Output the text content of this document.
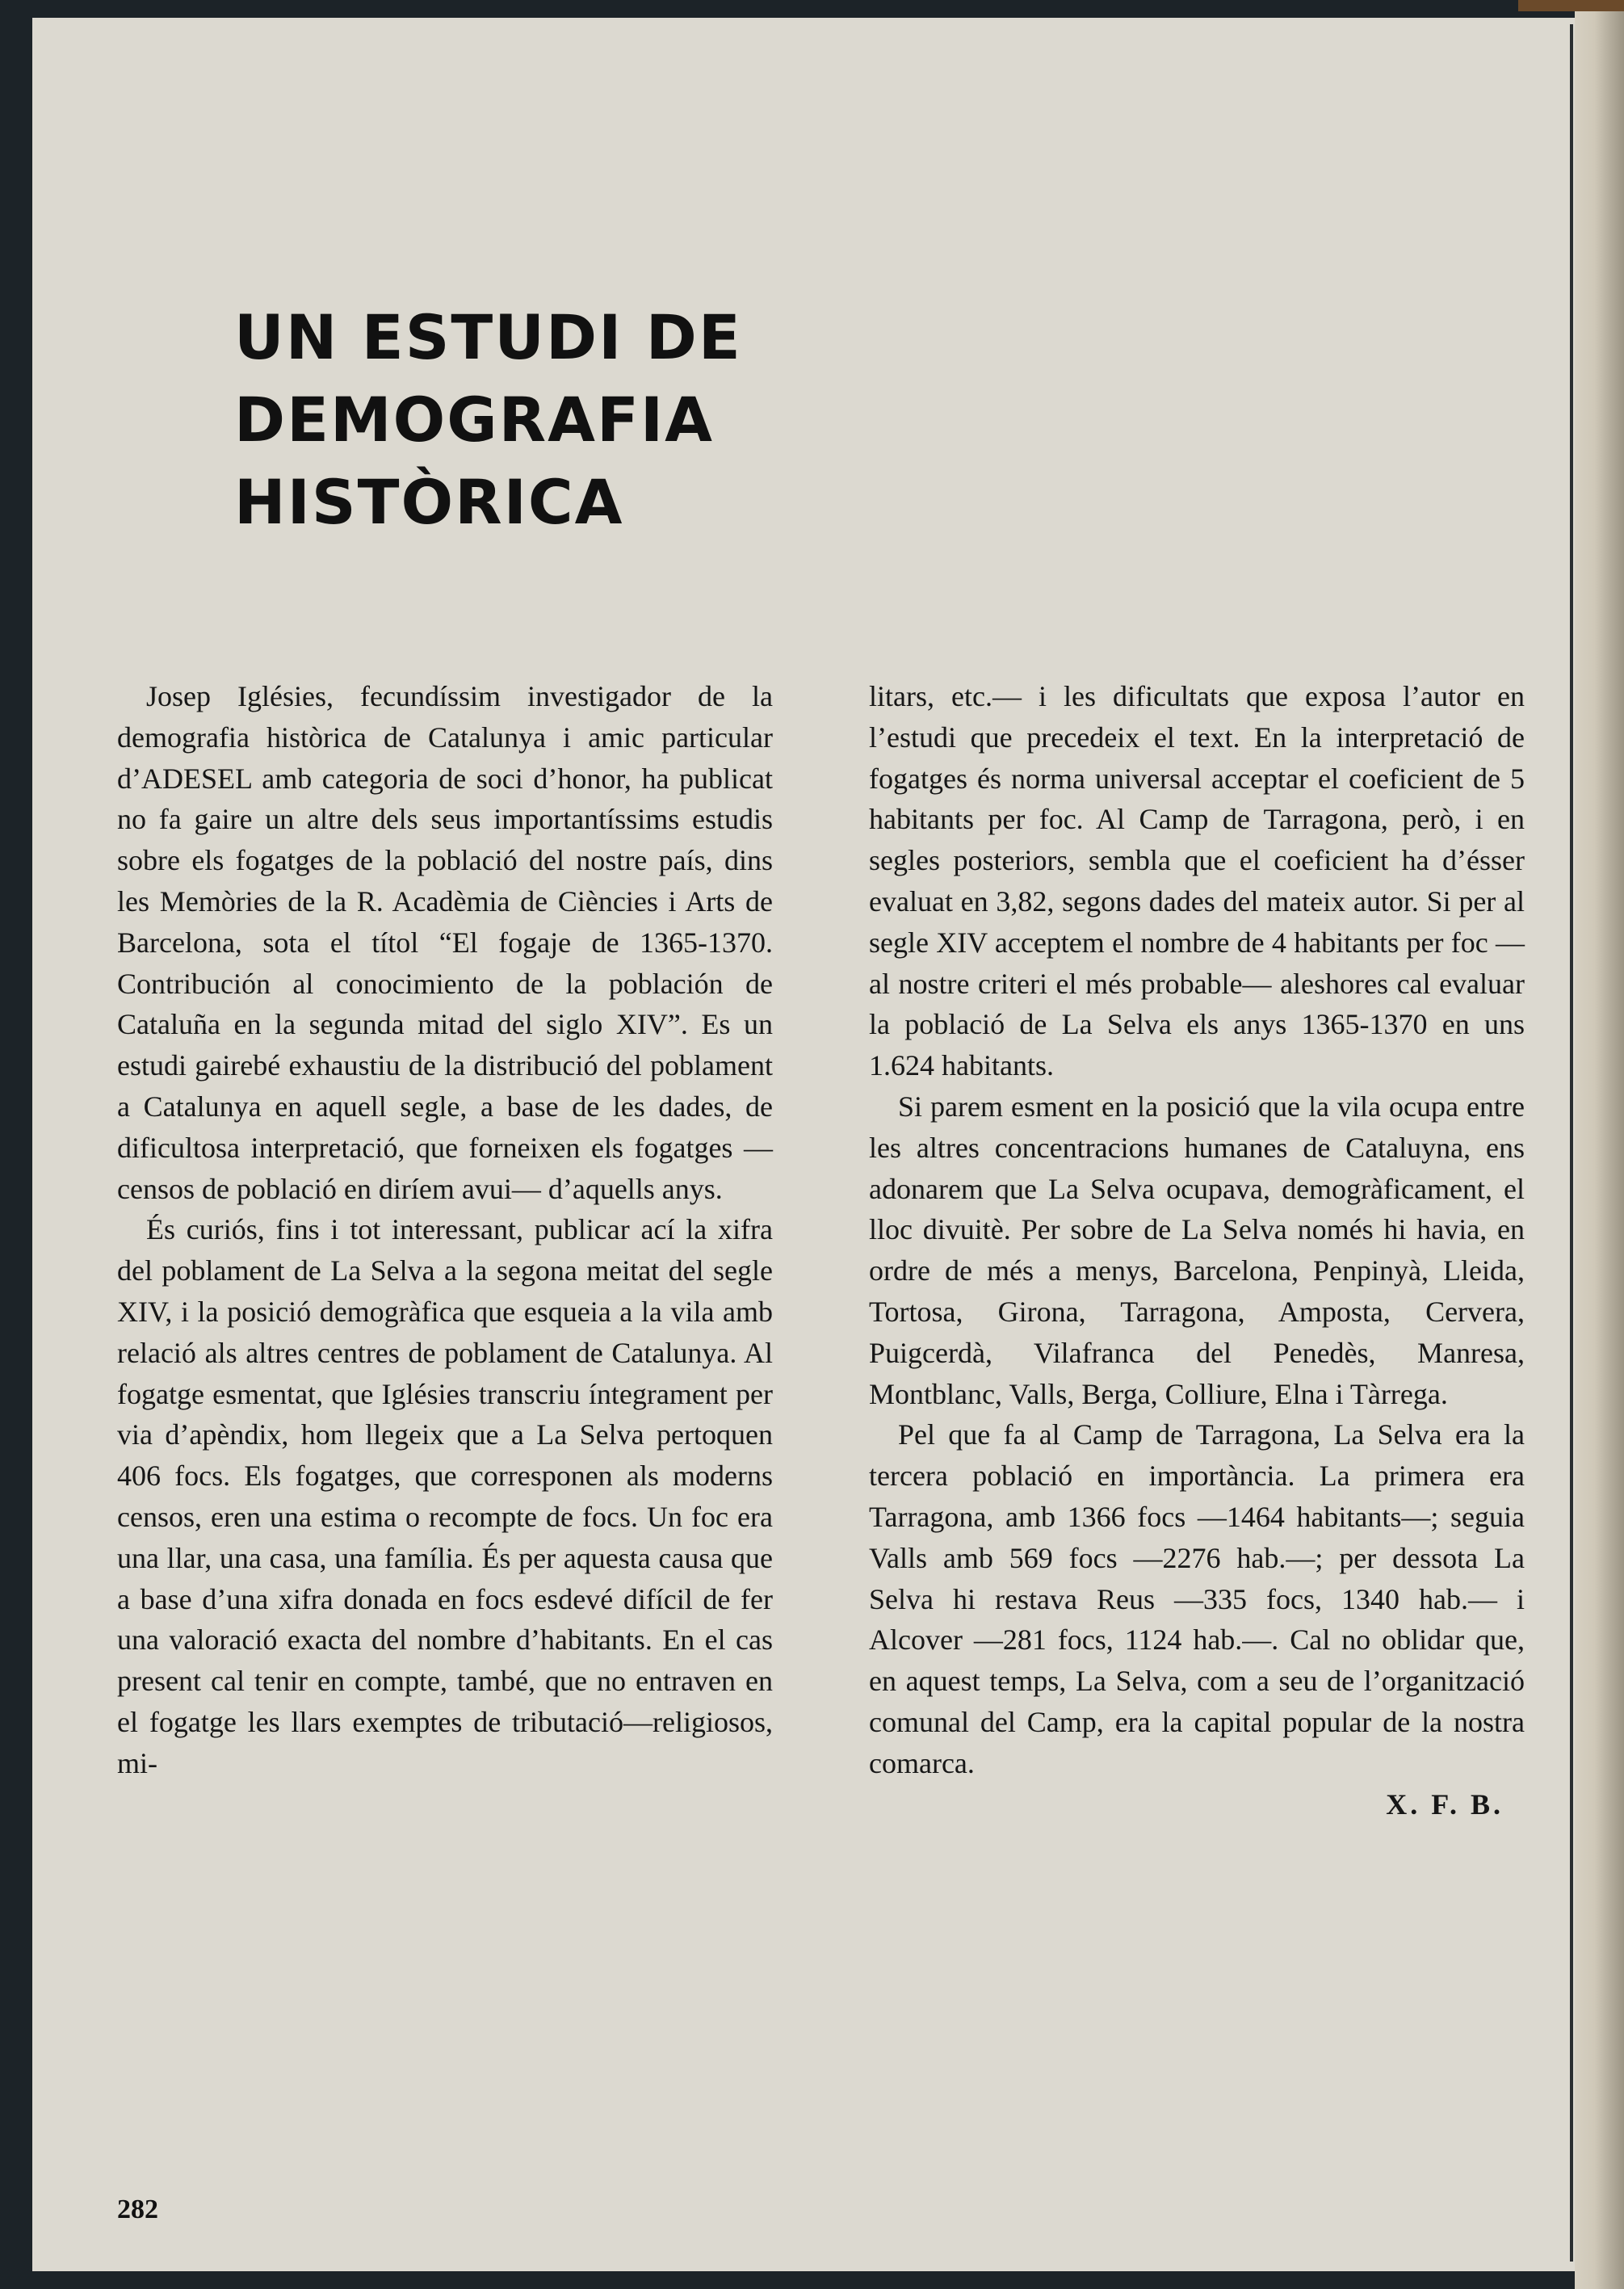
UN ESTUDI DE
DEMOGRAFIA
HISTÒRICA

Josep Iglésies, fecundíssim investigador de la demografia històrica de Catalunya i amic particular d’ADESEL amb categoria de soci d’honor, ha publicat no fa gaire un altre dels seus importantíssims estudis sobre els fogatges de la població del nostre país, dins les Memòries de la R. Acadèmia de Ciències i Arts de Barcelona, sota el títol “El fogaje de 1365-1370. Contribución al conocimiento de la población de Cataluña en la segunda mitad del siglo XIV”. Es un estudi gairebé exhaustiu de la distribució del poblament a Catalunya en aquell segle, a base de les dades, de dificultosa interpretació, que forneixen els fogatges —censos de població en diríem avui— d’aquells anys.

És curiós, fins i tot interessant, publicar ací la xifra del poblament de La Selva a la segona meitat del segle XIV, i la posició demogràfica que esqueia a la vila amb relació als altres centres de poblament de Catalunya. Al fogatge esmentat, que Iglésies transcriu íntegrament per via d’apèndix, hom llegeix que a La Selva pertoquen 406 focs. Els fogatges, que corresponen als moderns censos, eren una estima o recompte de focs. Un foc era una llar, una casa, una família. És per aquesta causa que a base d’una xifra donada en focs esdevé difícil de fer una valoració exacta del nombre d’habitants. En el cas present cal tenir en compte, també, que no entraven en el fogatge les llars exemptes de tributació—religiosos, mi-

litars, etc.— i les dificultats que exposa l’autor en l’estudi que precedeix el text. En la interpretació de fogatges és norma universal acceptar el coeficient de 5 habitants per foc. Al Camp de Tarragona, però, i en segles posteriors, sembla que el coeficient ha d’ésser evaluat en 3,82, segons dades del mateix autor. Si per al segle XIV acceptem el nombre de 4 habitants per foc —al nostre criteri el més probable— aleshores cal evaluar la població de La Selva els anys 1365-1370 en uns 1.624 habitants.

Si parem esment en la posició que la vila ocupa entre les altres concentracions humanes de Cataluyna, ens adonarem que La Selva ocupava, demogràficament, el lloc divuitè. Per sobre de La Selva només hi havia, en ordre de més a menys, Barcelona, Penpinyà, Lleida, Tortosa, Girona, Tarragona, Amposta, Cervera, Puigcerdà, Vilafranca del Penedès, Manresa, Montblanc, Valls, Berga, Colliure, Elna i Tàrrega.

Pel que fa al Camp de Tarragona, La Selva era la tercera població en importància. La primera era Tarragona, amb 1366 focs —1464 habitants—; seguia Valls amb 569 focs —2276 hab.—; per dessota La Selva hi restava Reus —335 focs, 1340 hab.— i Alcover —281 focs, 1124 hab.—. Cal no oblidar que, en aquest temps, La Selva, com a seu de l’organització comunal del Camp, era la capital popular de la nostra comarca.

X. F. B.

282
